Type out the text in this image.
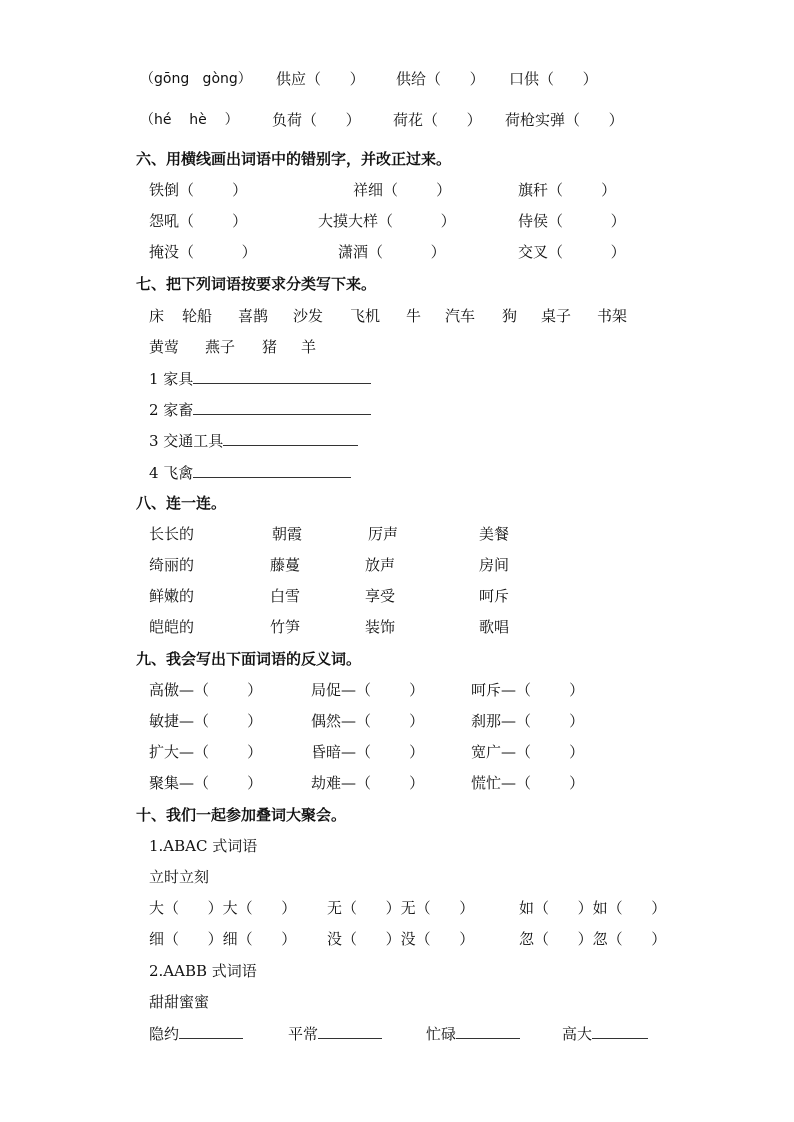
（gōng   gòng） 供应（      ） 供给（      ） 口供（      ）
（hé    hè    ） 负荷（      ） 荷花（      ） 荷枪实弹（      ）
六、用横线画出词语中的错别字，并改正过来。
铁倒（        ）	祥细（        ）	旗秆（        ）
怨吼（        ）	大摸大样（          ）	侍侯（          ）
掩没（          ）	潇酒（          ）	交叉（          ）
七、把下列词语按要求分类写下来。
床 轮船 喜鹊 沙发 飞机 牛 汽车 狗 桌子 书架
黄莺 燕子 猪 羊
1 家具
2 家畜
3 交通工具
4 飞禽
八、连一连。
长长的	朝霞	厉声	美餐
绮丽的	藤蔓	放声	房间
鲜嫩的	白雪	享受	呵斥
皑皑的	竹笋	装饰	歌唱
九、我会写出下面词语的反义词。
高傲—（        ）	局促—（        ）	呵斥—（        ）
敏捷—（        ）	偶然—（        ）	刹那—（        ）
扩大—（        ）	昏暗—（        ）	宽广—（        ）
聚集—（        ）	劫难—（        ）	慌忙—（        ）
十、我们一起参加叠词大聚会。
1.ABAC 式词语
立时立刻
大（      ）大（      ） 无（      ）无（      ）	如（      ）如（      ）
细（      ）细（      ） 没（      ）没（      ）	忽（      ）忽（      ）
2.AABB 式词语
甜甜蜜蜜
隐约	平常	忙碌	高大
